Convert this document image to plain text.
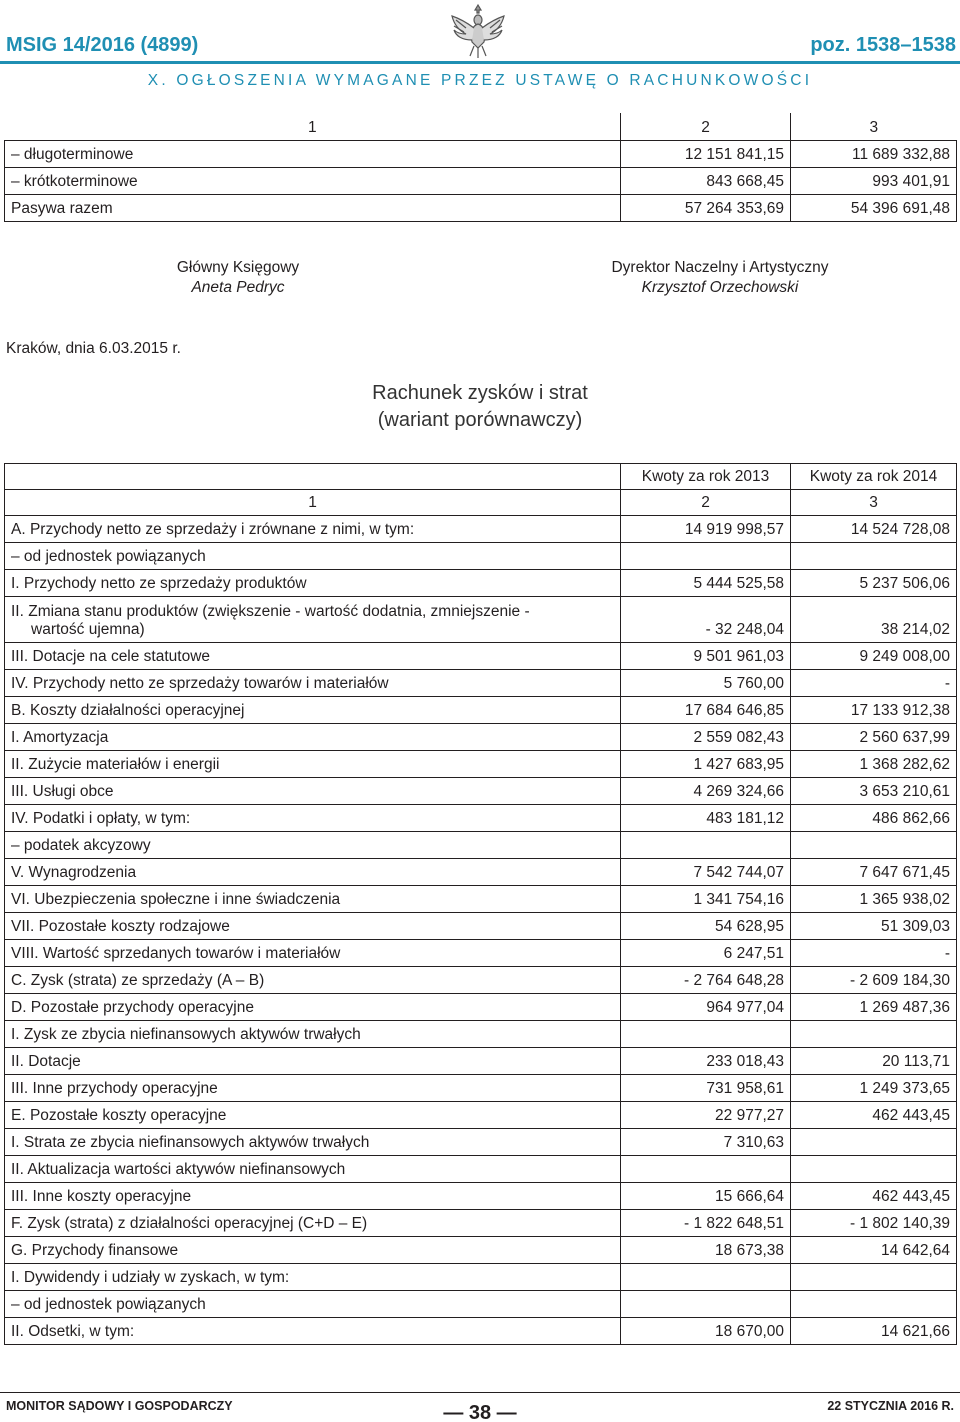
MSIG 14/2016 (4899)	poz. 1538–1538
X. OGŁOSZENIA WYMAGANE PRZEZ USTAWĘ O RACHUNKOWOŚCI
1	2	3
– długoterminowe	12 151 841,15	11 689 332,88
– krótkoterminowe	843 668,45	993 401,91
Pasywa razem	57 264 353,69	54 396 691,48
Główny Księgowy
Aneta Pedryc
Dyrektor Naczelny i Artystyczny
Krzysztof Orzechowski
Kraków, dnia 6.03.2015 r.
Rachunek zysków i strat
(wariant porównawczy)
	Kwoty za rok 2013	Kwoty za rok 2014
1	2	3

A. Przychody netto ze sprzedaży i zrównane z nimi, w tym:	14 919 998,57	14 524 728,08

– od jednostek powiązanych		

I. Przychody netto ze sprzedaży produktów	5 444 525,58	5 237 506,06

II. Zmiana stanu produktów (zwiększenie - wartość dodatnia, zmniejszenie -
wartość ujemna)	- 32 248,04	38 214,02

III. Dotacje na cele statutowe	9 501 961,03	9 249 008,00

IV. Przychody netto ze sprzedaży towarów i materiałów	5 760,00	-

B. Koszty działalności operacyjnej	17 684 646,85	17 133 912,38

I. Amortyzacja	2 559 082,43	2 560 637,99

II. Zużycie materiałów i energii	1 427 683,95	1 368 282,62

III. Usługi obce	4 269 324,66	3 653 210,61

IV. Podatki i opłaty, w tym:	483 181,12	486 862,66

– podatek akcyzowy		

V. Wynagrodzenia	7 542 744,07	7 647 671,45

VI. Ubezpieczenia społeczne i inne świadczenia	1 341 754,16	1 365 938,02

VII. Pozostałe koszty rodzajowe	54 628,95	51 309,03

VIII. Wartość sprzedanych towarów i materiałów	6 247,51	-

C. Zysk (strata) ze sprzedaży (A – B)	- 2 764 648,28	- 2 609 184,30

D. Pozostałe przychody operacyjne	964 977,04	1 269 487,36

I. Zysk ze zbycia niefinansowych aktywów trwałych		

II. Dotacje	233 018,43	20 113,71

III. Inne przychody operacyjne	731 958,61	1 249 373,65

E. Pozostałe koszty operacyjne	22 977,27	462 443,45

I. Strata ze zbycia niefinansowych aktywów trwałych	7 310,63	

II. Aktualizacja wartości aktywów niefinansowych		

III. Inne koszty operacyjne	15 666,64	462 443,45

F. Zysk (strata) z działalności operacyjnej (C+D – E)	- 1 822 648,51	- 1 802 140,39

G. Przychody finansowe	18 673,38	14 642,64

I. Dywidendy i udziały w zyskach, w tym:		

– od jednostek powiązanych		

II. Odsetki, w tym:	18 670,00	14 621,66
MONITOR SĄDOWY I GOSPODARCZY	— 38 —	22 STYCZNIA 2016 R.
